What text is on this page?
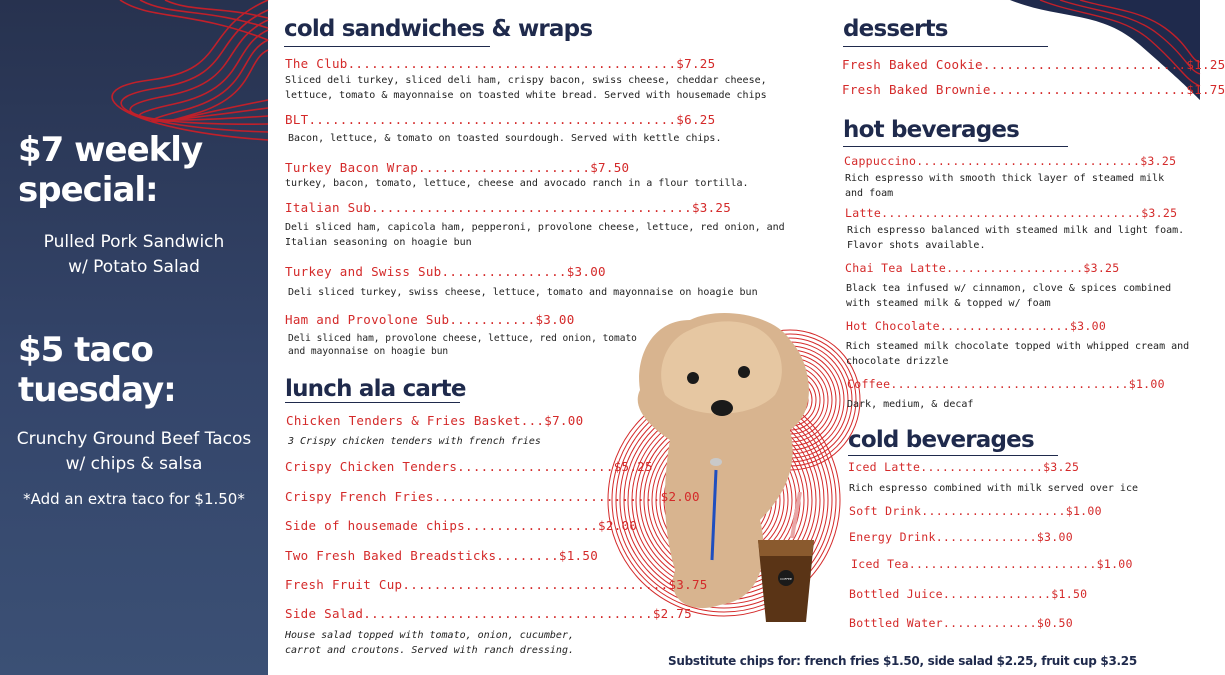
$7 weekly special:
Pulled Pork Sandwich
w/ Potato Salad
$5 taco tuesday:
Crunchy Ground Beef Tacos
w/ chips & salsa
*Add an extra taco for $1.50*
COFFEE
cold sandwiches & wraps
The Club..........................................$7.25
Sliced deli turkey, sliced deli ham, crispy bacon, swiss cheese, cheddar cheese, lettuce, tomato & mayonnaise on toasted white bread. Served with housemade chips
BLT...............................................$6.25
Bacon, lettuce, & tomato on toasted sourdough. Served with kettle chips.
Turkey Bacon Wrap......................$7.50
turkey, bacon, tomato, lettuce, cheese and avocado ranch in a flour tortilla.
Italian Sub.........................................$3.25
Deli sliced ham, capicola ham, pepperoni, provolone cheese, lettuce, red onion, and Italian seasoning on hoagie bun
Turkey and Swiss Sub................$3.00
Deli sliced turkey, swiss cheese, lettuce, tomato and mayonnaise on hoagie bun
Ham and Provolone Sub...........$3.00
Deli sliced ham, provolone cheese, lettuce, red onion, tomato and mayonnaise on hoagie bun
lunch ala carte
Chicken Tenders & Fries Basket...$7.00
3 Crispy chicken tenders with french fries
Crispy Chicken Tenders....................$5.25
Crispy French Fries.............................$2.00
Side of housemade chips.................$2.00
Two Fresh Baked Breadsticks........$1.50
Fresh Fruit Cup..................................$3.75
Side Salad.....................................$2.75
House salad topped with tomato, onion, cucumber, carrot and croutons. Served with ranch dressing.
desserts
Fresh Baked Cookie..........................$1.25
Fresh Baked Brownie.........................$1.75
hot beverages
Cappuccino...............................$3.25
Rich espresso with smooth thick layer of steamed milk and foam
Latte....................................$3.25
Rich espresso balanced with steamed milk and light foam. Flavor shots available.
Chai Tea Latte...................$3.25
Black tea infused w/ cinnamon, clove & spices combined with steamed milk & topped w/ foam
Hot Chocolate..................$3.00
Rich steamed milk chocolate topped with whipped cream and chocolate drizzle
Coffee.................................$1.00
Dark, medium, & decaf
cold beverages
Iced Latte.................$3.25
Rich espresso combined with milk served over ice
Soft Drink....................$1.00
Energy Drink..............$3.00
Iced Tea..........................$1.00
Bottled Juice...............$1.50
Bottled Water.............$0.50
Substitute chips for: french fries $1.50, side salad $2.25, fruit cup $3.25
